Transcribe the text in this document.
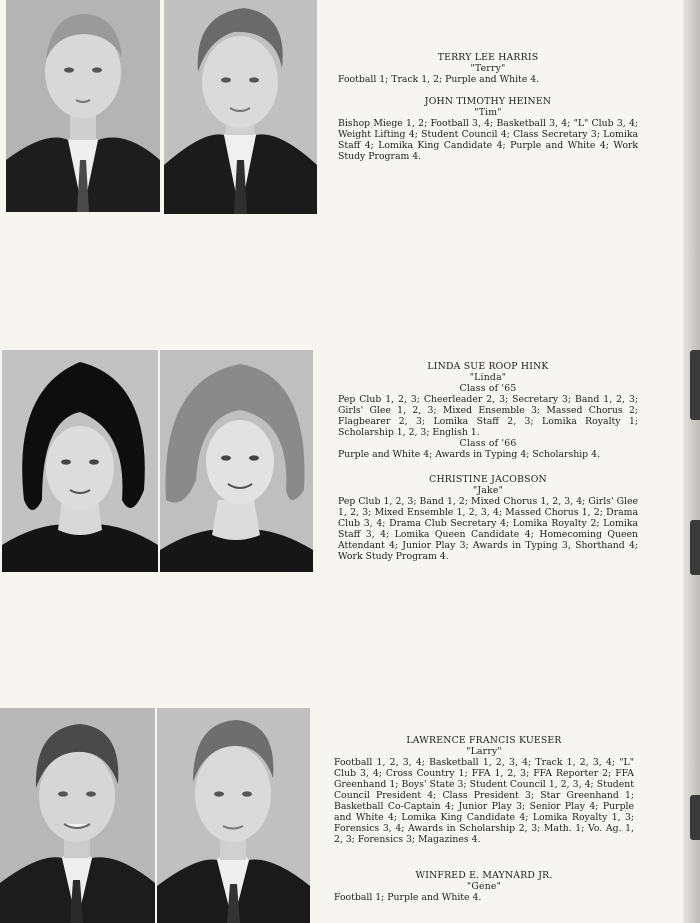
TERRY LEE HARRIS
"Terry"
Football 1; Track 1, 2; Purple and White 4.
JOHN TIMOTHY HEINEN
"Tim"
Bishop Miege 1, 2; Football 3, 4; Basketball 3, 4; "L" Club 3, 4; Weight Lifting 4; Student Council 4; Class Secretary 3; Lomika Staff 4; Lomika King Candidate 4; Purple and White 4; Work Study Program 4.
LINDA SUE ROOP HINK
"Linda"
Class of '65
Pep Club 1, 2, 3; Cheerleader 2, 3; Secretary 3; Band 1, 2, 3; Girls' Glee 1, 2, 3; Mixed Ensemble 3; Massed Chorus 2; Flagbearer 2, 3; Lomika Staff 2, 3; Lomika Royalty 1; Scholarship 1, 2, 3; English 1.
Class of '66
Purple and White 4; Awards in Typing 4; Scholarship 4.
CHRISTINE JACOBSON
"Jake"
Pep Club 1, 2, 3; Band 1, 2; Mixed Chorus 1, 2, 3, 4; Girls' Glee 1, 2, 3; Mixed Ensemble 1, 2, 3, 4; Massed Chorus 1, 2; Drama Club 3, 4; Drama Club Secretary 4; Lomika Royalty 2; Lomika Staff 3, 4; Lomika Queen Candidate 4; Homecoming Queen Attendant 4; Junior Play 3; Awards in Typing 3, Shorthand 4; Work Study Program 4.
LAWRENCE FRANCIS KUESER
"Larry"
Football 1, 2, 3, 4; Basketball 1, 2, 3, 4; Track 1, 2, 3, 4; "L" Club 3, 4; Cross Country 1; FFA 1, 2, 3; FFA Reporter 2; FFA Greenhand 1; Boys' State 3; Student Council 1, 2, 3, 4; Student Council President 4; Class President 3; Star Greenhand 1; Basketball Co-Captain 4; Junior Play 3; Senior Play 4; Purple and White 4; Lomika King Candidate 4; Lomika Royalty 1, 3; Forensics 3, 4; Awards in Scholarship 2, 3; Math. 1; Vo. Ag. 1, 2, 3; Forensics 3; Magazines 4.
WINFRED E. MAYNARD JR.
"Gene"
Football 1; Purple and White 4.
